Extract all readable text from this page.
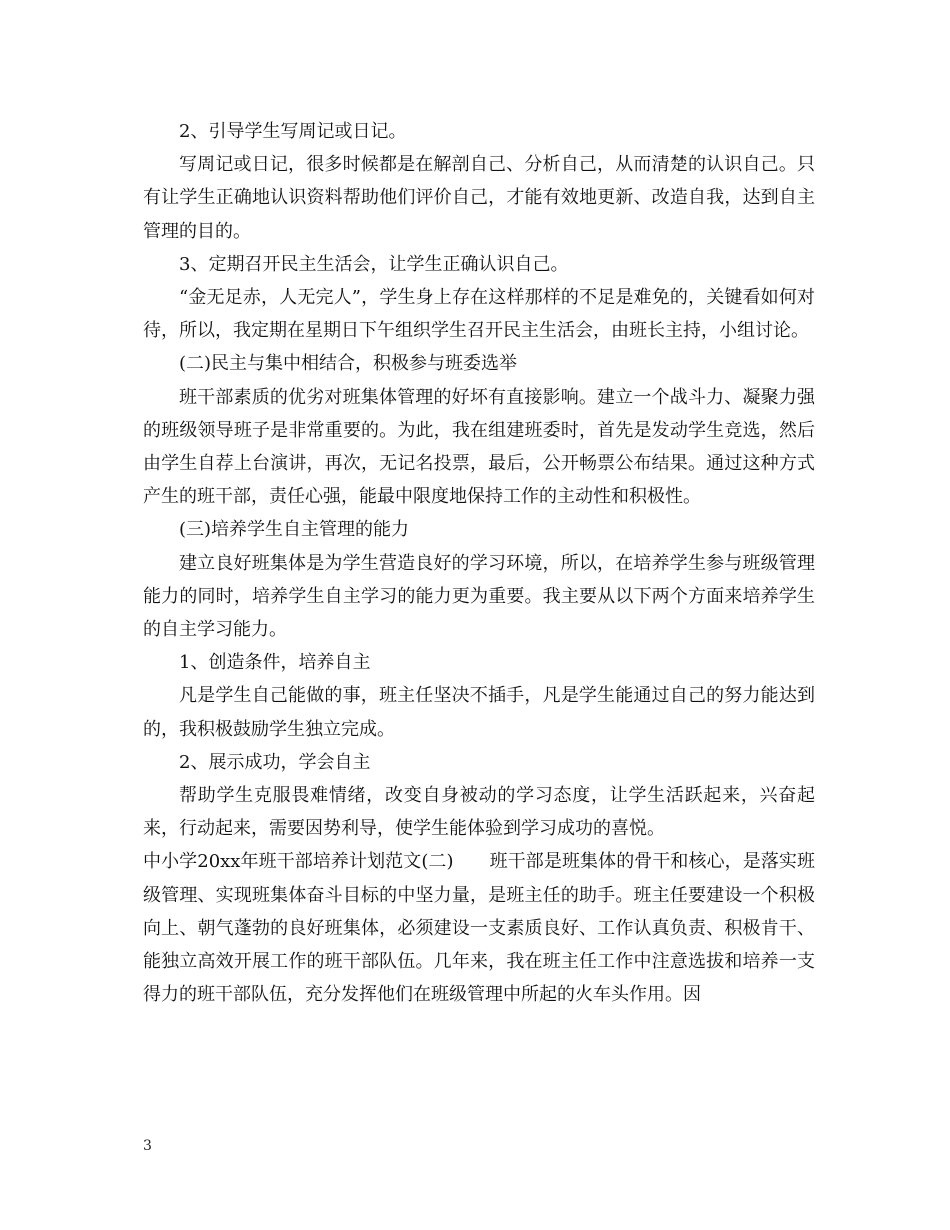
2、引导学生写周记或日记。

写周记或日记，很多时候都是在解剖自己、分析自己，从而清楚的认识自己。只有让学生正确地认识资料帮助他们评价自己，才能有效地更新、改造自我，达到自主管理的目的。

3、定期召开民主生活会，让学生正确认识自己。

“金无足赤，人无完人”，学生身上存在这样那样的不足是难免的，关键看如何对待，所以，我定期在星期日下午组织学生召开民主生活会，由班长主持，小组讨论。

(二)民主与集中相结合，积极参与班委选举

班干部素质的优劣对班集体管理的好坏有直接影响。建立一个战斗力、凝聚力强的班级领导班子是非常重要的。为此，我在组建班委时，首先是发动学生竞选，然后由学生自荐上台演讲，再次，无记名投票，最后，公开畅票公布结果。通过这种方式产生的班干部，责任心强，能最中限度地保持工作的主动性和积极性。

(三)培养学生自主管理的能力

建立良好班集体是为学生营造良好的学习环境，所以，在培养学生参与班级管理能力的同时，培养学生自主学习的能力更为重要。我主要从以下两个方面来培养学生的自主学习能力。

1、创造条件，培养自主

凡是学生自己能做的事，班主任坚决不插手，凡是学生能通过自己的努力能达到的，我积极鼓励学生独立完成。

2、展示成功，学会自主

帮助学生克服畏难情绪，改变自身被动的学习态度，让学生活跃起来，兴奋起来，行动起来，需要因势利导，使学生能体验到学习成功的喜悦。

中小学20xx年班干部培养计划范文(二) 班干部是班集体的骨干和核心，是落实班级管理、实现班集体奋斗目标的中坚力量，是班主任的助手。班主任要建设一个积极向上、朝气蓬勃的良好班集体，必须建设一支素质良好、工作认真负责、积极肯干、能独立高效开展工作的班干部队伍。几年来，我在班主任工作中注意选拔和培养一支得力的班干部队伍，充分发挥他们在班级管理中所起的火车头作用。因

3
